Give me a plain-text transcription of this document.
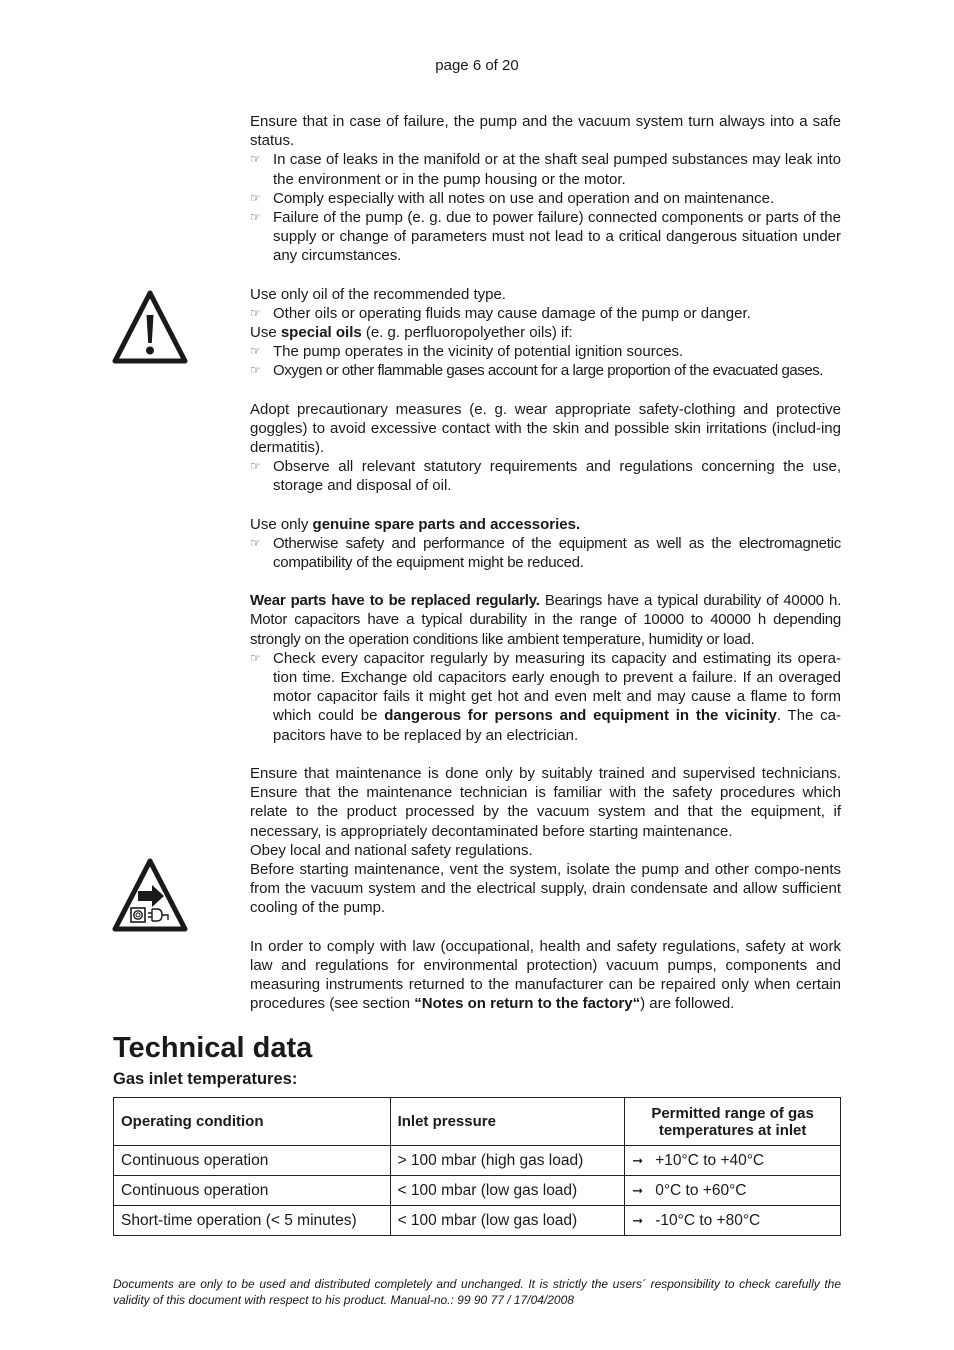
page 6 of 20

Ensure that in case of failure, the pump and the vacuum system turn always into a safe status.

☞ In case of leaks in the manifold or at the shaft seal pumped substances may leak into the environment or in the pump housing or the motor.

☞ Comply especially with all notes on use and operation and on maintenance.

☞ Failure of the pump (e. g. due to power failure) connected components or parts of the supply or change of parameters must not lead to a critical dangerous situation under any circumstances.

Use only oil of the recommended type.

☞ Other oils or operating fluids may cause damage of the pump or danger.

Use special oils (e. g. perfluoropolyether oils) if:

☞ The pump operates in the vicinity of potential ignition sources.

☞ Oxygen or other flammable gases account for a large proportion of the evacuated gases.

Adopt precautionary measures (e. g. wear appropriate safety-clothing and protective goggles) to avoid excessive contact with the skin and possible skin irritations (includ-ing dermatitis).

☞ Observe all relevant statutory requirements and regulations concerning the use, storage and disposal of oil.

Use only genuine spare parts and accessories.

☞ Otherwise safety and performance of the equipment as well as the electromagnetic compatibility of the equipment might be reduced.

Wear parts have to be replaced regularly. Bearings have a typical durability of 40000 h. Motor capacitors have a typical durability in the range of 10000 to 40000 h depending strongly on the operation conditions like ambient temperature, humidity or load.

☞ Check every capacitor regularly by measuring its capacity and estimating its opera-tion time. Exchange old capacitors early enough to prevent a failure. If an overaged motor capacitor fails it might get hot and even melt and may cause a flame to form which could be dangerous for persons and equipment in the vicinity. The ca-pacitors have to be replaced by an electrician.

Ensure that maintenance is done only by suitably trained and supervised technicians. Ensure that the maintenance technician is familiar with the safety procedures which relate to the product processed by the vacuum system and that the equipment, if necessary, is appropriately decontaminated before starting maintenance.

Obey local and national safety regulations.

Before starting maintenance, vent the system, isolate the pump and other compo-nents from the vacuum system and the electrical supply, drain condensate and allow sufficient cooling of the pump.

In order to comply with law (occupational, health and safety regulations, safety at work law and regulations for environmental protection) vacuum pumps, components and measuring instruments returned to the manufacturer can be repaired only when certain procedures (see section “Notes on return to the factory“) are followed.

Technical data
Gas inlet temperatures:
Operating condition	Inlet pressure	Permitted range of gas temperatures at inlet
Continuous operation	> 100 mbar (high gas load)	➞ +10°C to +40°C
Continuous operation	< 100 mbar (low gas load)	➞ 0°C to +60°C
Short-time operation (< 5 minutes)	< 100 mbar (low gas load)	➞ -10°C to +80°C

Documents are only to be used and distributed completely and unchanged. It is strictly the users´ responsibility to check carefully the validity of this document with respect to his product. Manual-no.: 99 90 77 / 17/04/2008
